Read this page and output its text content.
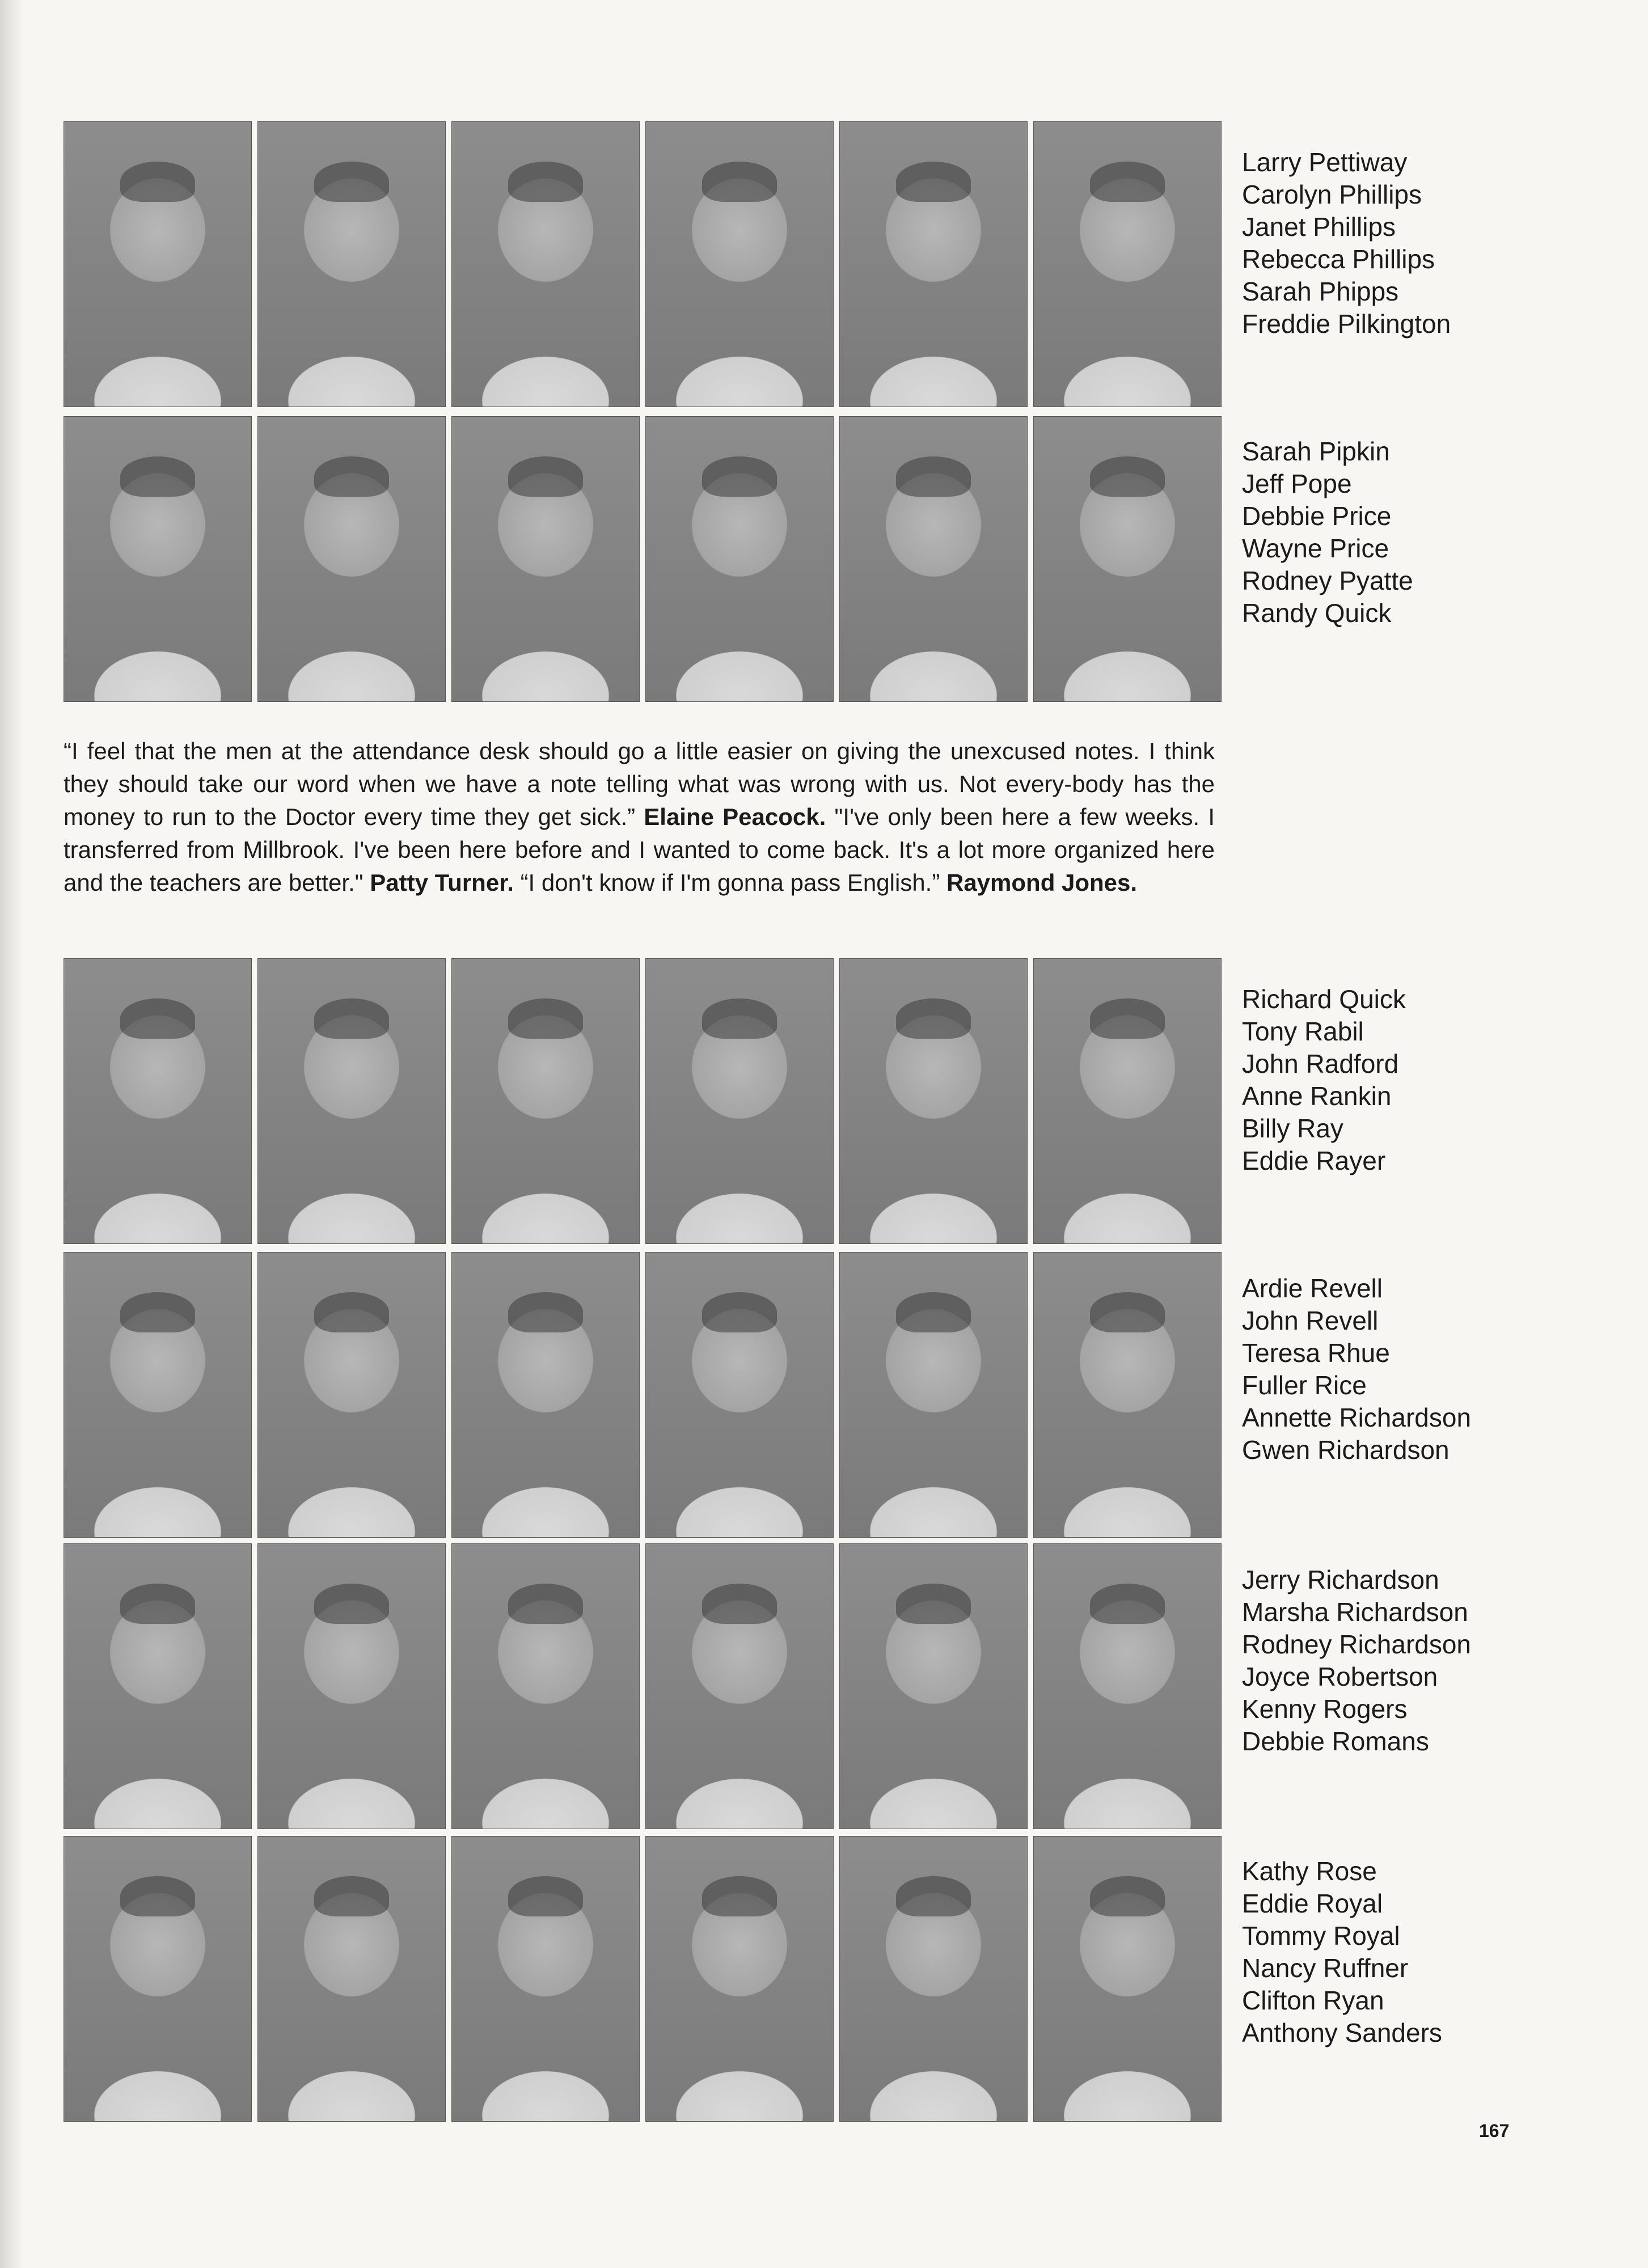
Larry Pettiway
Carolyn Phillips
Janet Phillips
Rebecca Phillips
Sarah Phipps
Freddie Pilkington
Sarah Pipkin
Jeff Pope
Debbie Price
Wayne Price
Rodney Pyatte
Randy Quick
“I feel that the men at the attendance desk should go a little easier on giving the unexcused notes. I think they should take our word when we have a note telling what was wrong with us. Not every-body has the money to run to the Doctor every time they get sick.” Elaine Peacock. "I've only been here a few weeks. I transferred from Millbrook. I've been here before and I wanted to come back. It's a lot more organized here and the teachers are better." Patty Turner. “I don't know if I'm gonna pass English.” Raymond Jones.
Richard Quick
Tony Rabil
John Radford
Anne Rankin
Billy Ray
Eddie Rayer
Ardie Revell
John Revell
Teresa Rhue
Fuller Rice
Annette Richardson
Gwen Richardson
Jerry Richardson
Marsha Richardson
Rodney Richardson
Joyce Robertson
Kenny Rogers
Debbie Romans
Kathy Rose
Eddie Royal
Tommy Royal
Nancy Ruffner
Clifton Ryan
Anthony Sanders
167
